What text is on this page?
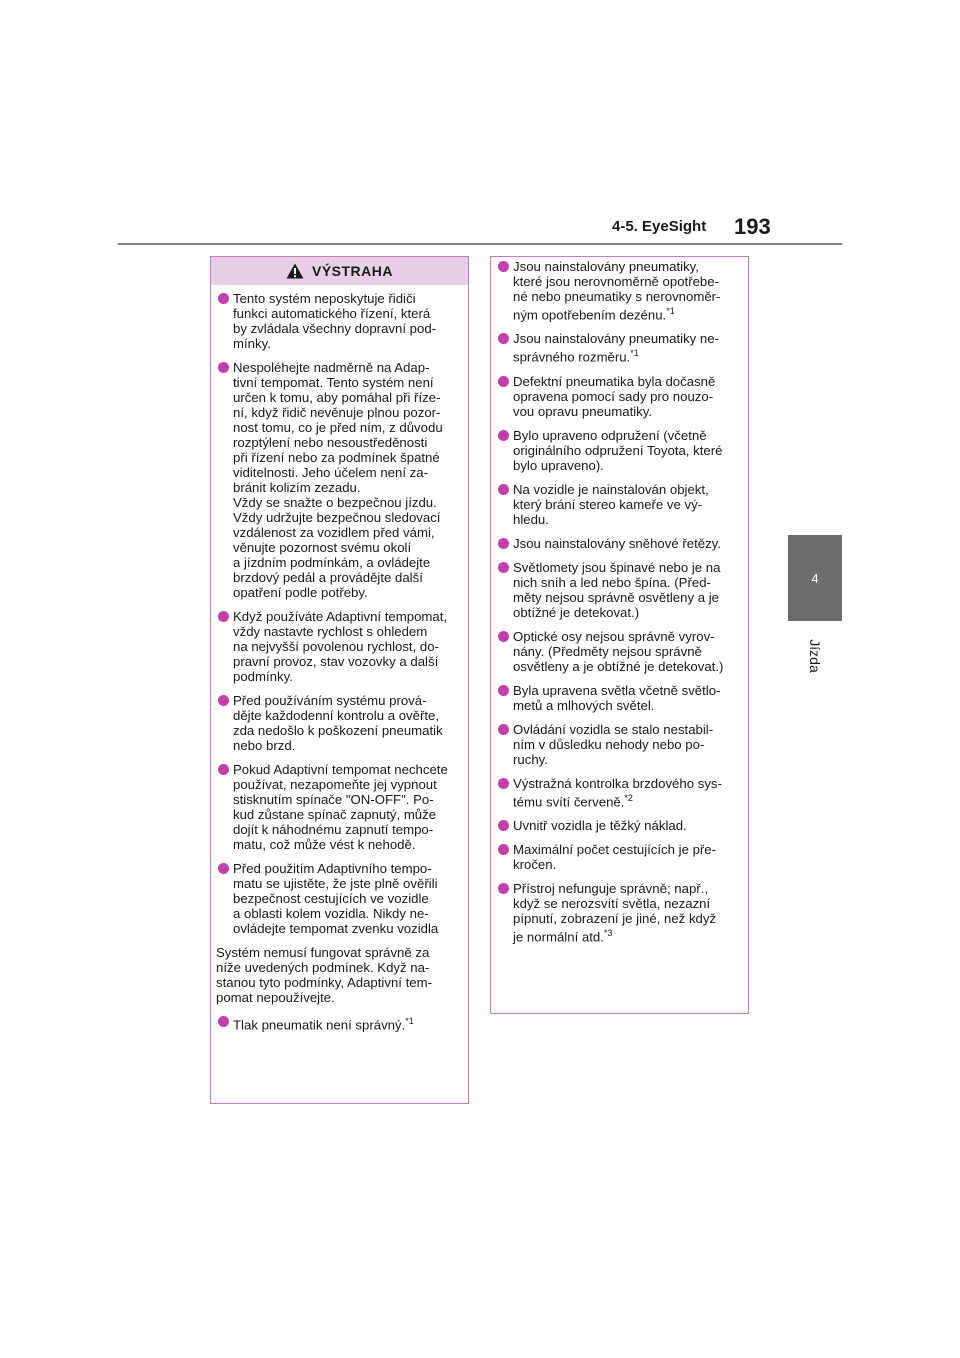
4-5. EyeSight 193
4
Jízda
VÝSTRAHA
Tento systém neposkytuje řidiči
funkci automatického řízení, která
by zvládala všechny dopravní pod-
mínky.
Nespoléhejte nadměrně na Adap-
tivní tempomat. Tento systém není
určen k tomu, aby pomáhal při říze-
ní, když řidič nevěnuje plnou pozor-
nost tomu, co je před ním, z důvodu
rozptýlení nebo nesoustředěnosti
při řízení nebo za podmínek špatné
viditelnosti. Jeho účelem není za-
bránit kolizím zezadu.
Vždy se snažte o bezpečnou jízdu.
Vždy udržujte bezpečnou sledovací
vzdálenost za vozidlem před vámi,
věnujte pozornost svému okolí
a jízdním podmínkám, a ovládejte
brzdový pedál a provádějte další
opatření podle potřeby.
Když používáte Adaptivní tempomat,
vždy nastavte rychlost s ohledem
na nejvyšší povolenou rychlost, do-
pravní provoz, stav vozovky a další
podmínky.
Před používáním systému prová-
děјte každodenní kontrolu a ověřte,
zda nedošlo k poškození pneumatik
nebo brzd.
Pokud Adaptivní tempomat nechcete
používat, nezapomeňte jej vypnout
stisknutím spínače "ON-OFF". Po-
kud zůstane spínač zapnutý, může
dojít k náhodnému zapnutí tempo-
matu, což může vést k nehodě.
Před použitím Adaptivního tempo-
matu se ujistěte, že jste plně ověřili
bezpečnost cestujících ve vozidle
a oblasti kolem vozidla. Nikdy ne-
ovládejte tempomat zvenku vozidla
Systém nemusí fungovat správně za
níže uvedených podmínek. Když na-
stanou tyto podmínky, Adaptivní tem-
pomat nepoužívejte.
Tlak pneumatik není správný.$^{*1}$
Jsou nainstalovány pneumatiky,
které jsou nerovnoměrně opotřebe-
né nebo pneumatiky s nerovnoměr-
ným opotřebením dezénu.$^{*1}$
Jsou nainstalovány pneumatiky ne-
správného rozměru.$^{*1}$
Defektní pneumatika byla dočasně
opravena pomocí sady pro nouzo-
vou opravu pneumatiky.
Bylo upraveno odpružení (včetně
originálního odpružení Toyota, které
bylo upraveno).
Na vozidle je nainstalován objekt,
který brání stereo kameře ve vý-
hledu.
Jsou nainstalovány sněhové řetězy.
Světlomety jsou špinavé nebo je na
nich sníh a led nebo špína. (Před-
měty nejsou správně osvětleny a je
obtížné je detekovat.)
Optické osy nejsou správně vyrov-
nány. (Předměty nejsou správně
osvětleny a je obtížné je detekovat.)
Byla upravena světla včetně světlo-
metů a mlhových světel.
Ovládání vozidla se stalo nestabil-
ním v důsledku nehody nebo po-
ruchy.
Výstražná kontrolka brzdového sys-
tému svítí červeně.$^{*2}$
Uvnitř vozidla je těžký náklad.
Maximální počet cestujících je pře-
kročen.
Přístroj nefunguje správně; např.,
když se nerozsvítí světla, nezazní
pípnutí, zobrazení je jiné, než když
je normální atd.$^{*3}$
